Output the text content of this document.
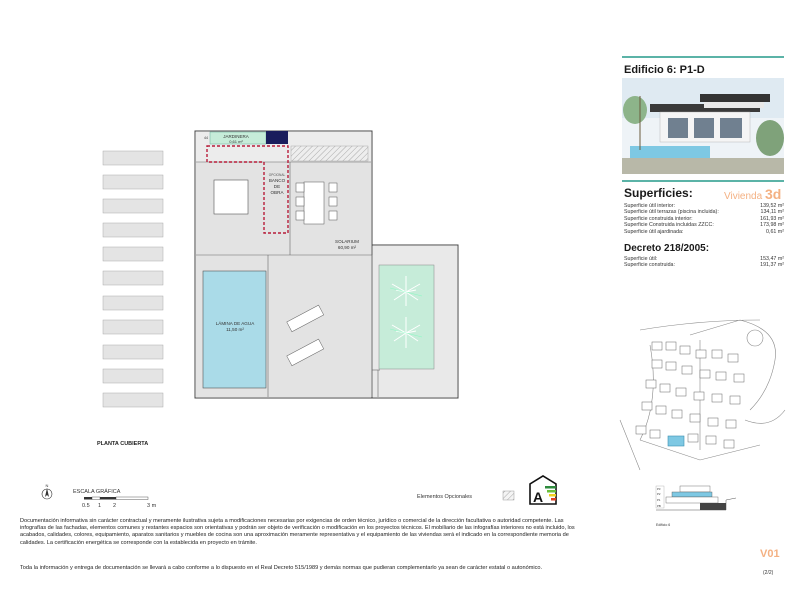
JARDINERA
0,61 m²
44
OPCIONAL
BANCO
DE
OBRA
SOLARIUM
60,90 m²
LÁMINA DE AGUA
11,50 m²
N
A	P3
P2
P1
PB
Edificio 6: P1-D
Superficies:	Vivienda 3d
Superficie útil interior:	139,52 m²
Superficie útil terrazas (piscina incluida):	134,11 m²
Superficie construida interior:	161,93 m²
Superficie Construida incluidas ZZCC:	173,98 m²
Superficie útil ajardinada:	0,61 m²
Decreto 218/2005:
Superficie útil:	153,47 m²
Superficie construida:	191,37 m²
PLANTA CUBIERTA
ESCALA GRÁFICA
0.5 1 2	3 m
Elementos Opcionales
Edificio 6
Documentación informativa sin carácter contractual y meramente ilustrativa sujeta a modificaciones necesarias por exigencias de orden técnico, jurídico o comercial de la dirección facultativa o autoridad competente. Las infografías de las fachadas, elementos comunes y restantes espacios son orientativas y podrán ser objeto de verificación o modificación en los proyectos técnicos. El mobiliario de las infografías interiores no está incluido, los acabados, calidades, colores, equipamiento, aparatos sanitarios y muebles de cocina son una aproximación meramente representativa y el equipamiento de las viviendas será el indicado en la correspondiente memoria de calidades. La certificación energética se corresponde con la establecida en proyecto en trámite.
Toda la información y entrega de documentación se llevará a cabo conforme a lo dispuesto en el Real Decreto 515/1989 y demás normas que pudieran complementarlo ya sean de carácter estatal o autonómico.
V01
(2/2)
